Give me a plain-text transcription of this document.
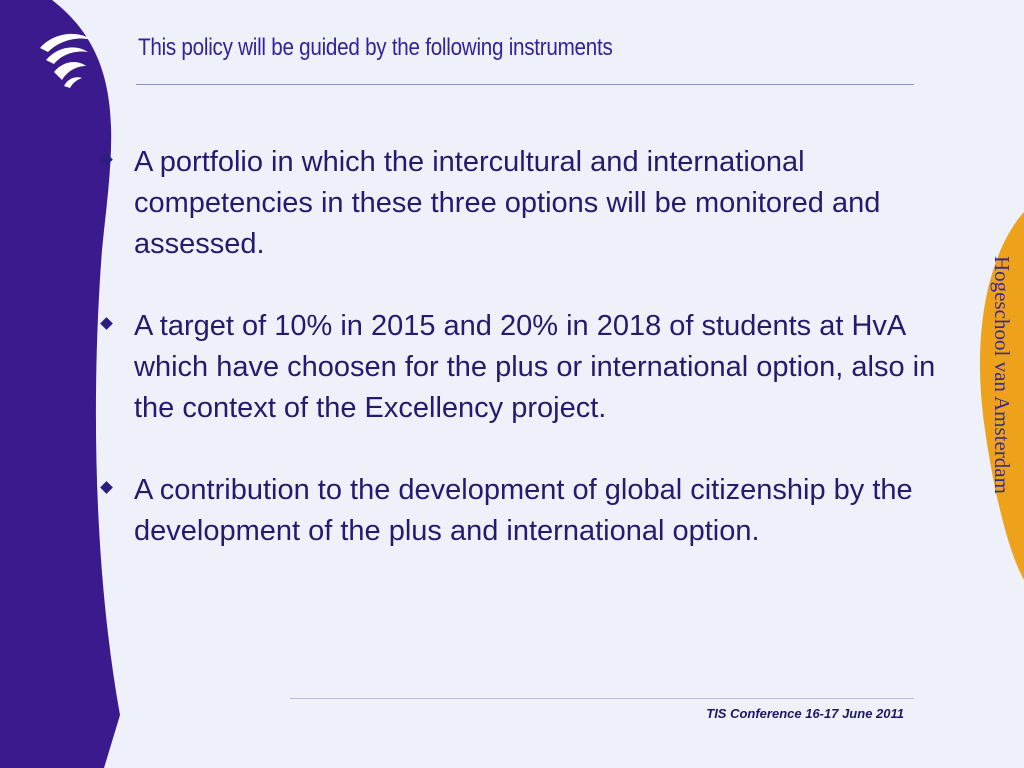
This policy will be guided by the following instruments
A portfolio in which the intercultural and international competencies in these three options will be monitored and assessed.
A target of 10% in 2015 and 20% in 2018 of students at HvA which have choosen for the plus or international option, also in the context of the Excellency project.
A contribution to the development of global citizenship by the development of the plus and international option.
TIS Conference 16-17 June 2011
Hogeschool van Amsterdam
